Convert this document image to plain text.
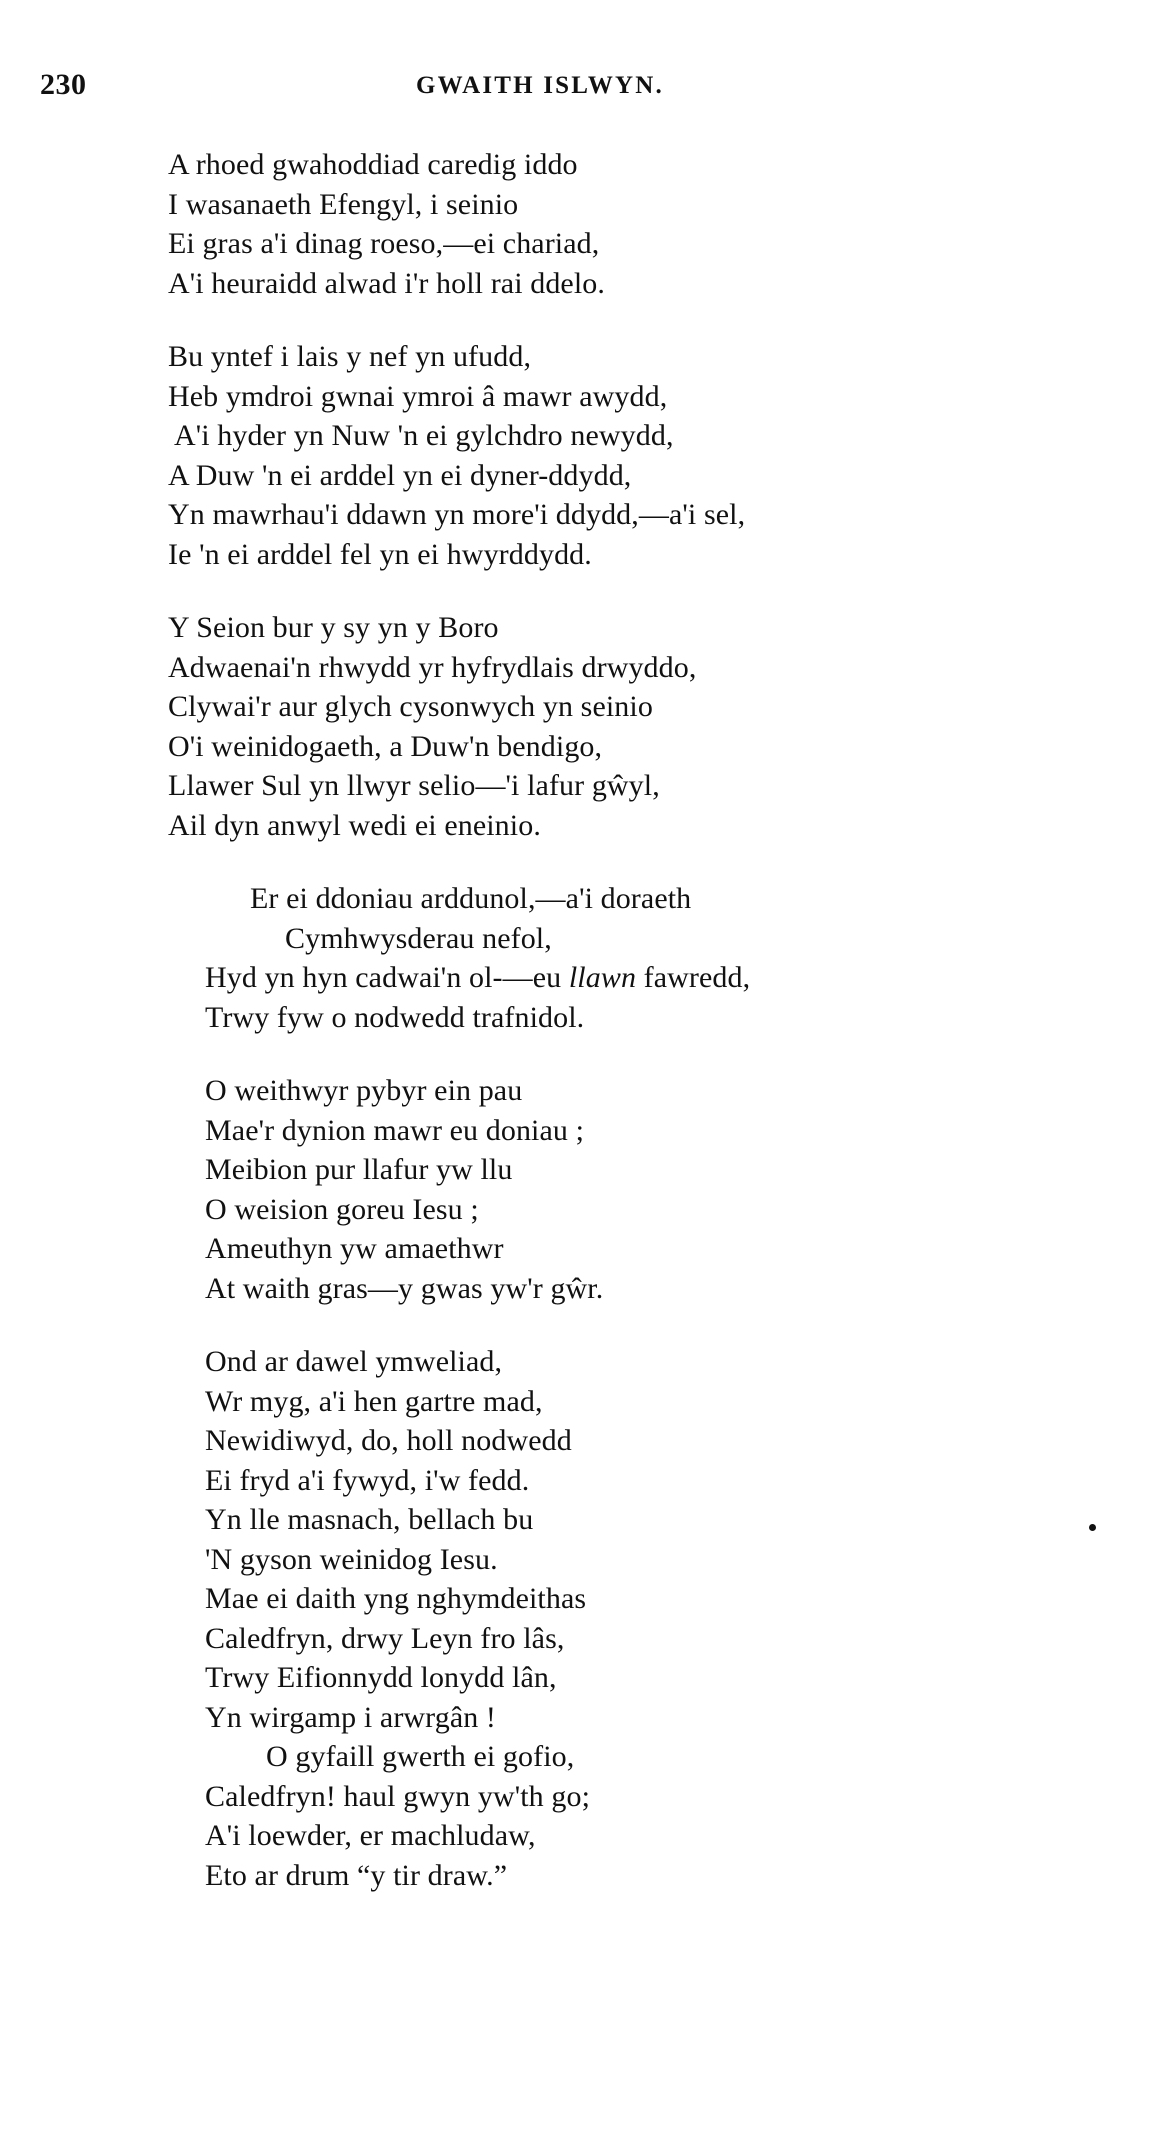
230	GWAITH ISLWYN.
A rhoed gwahoddiad caredig iddo
I wasanaeth Efengyl, i seinio
Ei gras a'i dinag roeso,—ei chariad,
A'i heuraidd alwad i'r holl rai ddelo.
Bu yntef i lais y nef yn ufudd,
Heb ymdroi gwnai ymroi â mawr awydd,
A'i hyder yn Nuw 'n ei gylchdro newydd,
A Duw 'n ei arddel yn ei dyner-ddydd,
Yn mawrhau'i ddawn yn more'i ddydd,—a'i sel,
Ie 'n ei arddel fel yn ei hwyrddydd.
Y Seion bur y sy yn y Boro
Adwaenai'n rhwydd yr hyfrydlais drwyddo,
Clywai'r aur glych cysonwych yn seinio
O'i weinidogaeth, a Duw'n bendigo,
Llawer Sul yn llwyr selio—'i lafur gŵyl,
Ail dyn anwyl wedi ei eneinio.
Er ei ddoniau arddunol,—a'i doraeth
Cymhwysderau nefol,
Hyd yn hyn cadwai'n ol-—eu llawn fawredd,
Trwy fyw o nodwedd trafnidol.
O weithwyr pybyr ein pau
Mae'r dynion mawr eu doniau ;
Meibion pur llafur yw llu
O weision goreu Iesu ;
Ameuthyn yw amaethwr
At waith gras—y gwas yw'r gŵr.
Ond ar dawel ymweliad,
Wr myg, a'i hen gartre mad,
Newidiwyd, do, holl nodwedd
Ei fryd a'i fywyd, i'w fedd.
Yn lle masnach, bellach bu
'N gyson weinidog Iesu.
Mae ei daith yng nghymdeithas
Caledfryn, drwy Leyn fro lâs,
Trwy Eifionnydd lonydd lân,
Yn wirgamp i arwrgân !
O gyfaill gwerth ei gofio,
Caledfryn! haul gwyn yw'th go;
A'i loewder, er machludaw,
Eto ar drum “y tir draw.”
